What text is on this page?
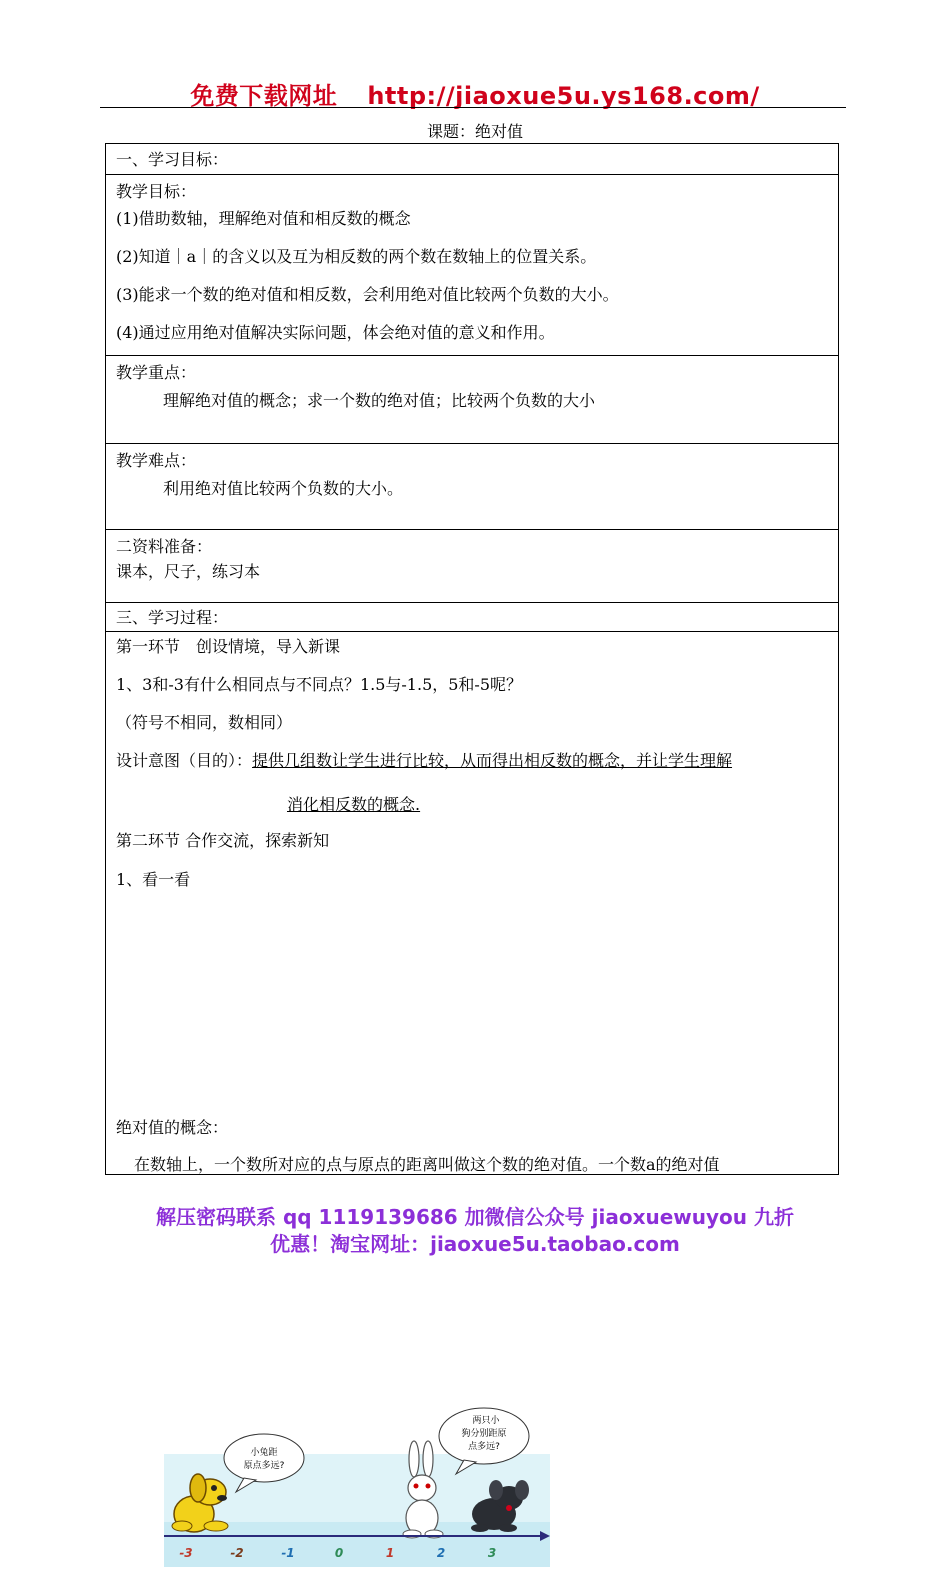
免费下载网址 http://jiaoxue5u.ys168.com/
课题：绝对值
一、学习目标：
教学目标：
(1)借助数轴，理解绝对值和相反数的概念
(2)知道｜a｜的含义以及互为相反数的两个数在数轴上的位置关系。
(3)能求一个数的绝对值和相反数，会利用绝对值比较两个负数的大小。
(4)通过应用绝对值解决实际问题，体会绝对值的意义和作用。
教学重点：
理解绝对值的概念；求一个数的绝对值；比较两个负数的大小
教学难点：
利用绝对值比较两个负数的大小。
二资料准备：
课本，尺子，练习本
三、学习过程：
第一环节　创设情境，导入新课
1、3和-3有什么相同点与不同点？1.5与-1.5，5和-5呢？
（符号不相同，数相同）
设计意图（目的）：提供几组数让学生进行比较，从而得出相反数的概念，并让学生理解
消化相反数的概念.
第二环节 合作交流，探索新知
1、看一看
小兔距
原点多远?
两只小
狗分别距原
点多远?
-3	-2	-1	0	1	2	3
绝对值的概念：
在数轴上，一个数所对应的点与原点的距离叫做这个数的绝对值。一个数a的绝对值
解压密码联系 qq 1119139686 加微信公众号 jiaoxuewuyou 九折
优惠！淘宝网址：jiaoxue5u.taobao.com
